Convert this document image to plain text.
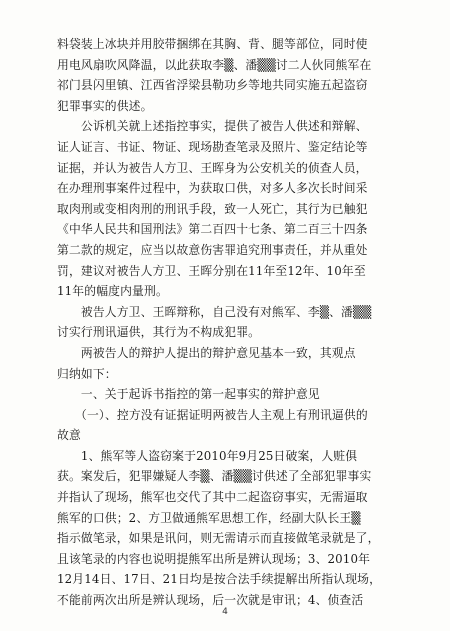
料袋装上冰块并用胶带捆绑在其胸、背、腿等部位，同时使
用电风扇吹风降温，以此获取李▒、潘▒▒讨二人伙同熊军在
祁门县闪里镇、江西省浮梁县勒功乡等地共同实施五起盗窃
犯罪事实的供述。
　　公诉机关就上述指控事实，提供了被告人供述和辩解、
证人证言、书证、物证、现场勘查笔录及照片、鉴定结论等
证据，并认为被告人方卫、王晖身为公安机关的侦查人员，
在办理刑事案件过程中，为获取口供，对多人多次长时间采
取肉刑或变相肉刑的刑讯手段，致一人死亡，其行为已触犯
《中华人民共和国刑法》第二百四十七条、第二百三十四条
第二款的规定，应当以故意伤害罪追究刑事责任，并从重处
罚，建议对被告人方卫、王晖分别在11年至12年、10年至
11年的幅度内量刑。
　　被告人方卫、王晖辩称，自己没有对熊军、李▒、潘▒▒
讨实行刑讯逼供，其行为不构成犯罪。
　　两被告人的辩护人提出的辩护意见基本一致，其观点
归纳如下：
　　一、关于起诉书指控的第一起事实的辩护意见
　　（一）、控方没有证据证明两被告人主观上有刑讯逼供的
故意
　　1、熊军等人盗窃案于2010年9月25日破案，人赃俱
获。案发后，犯罪嫌疑人李▒、潘▒▒讨供述了全部犯罪事实
并指认了现场，熊军也交代了其中二起盗窃事实，无需逼取
熊军的口供；2、方卫做通熊军思想工作，经副大队长王▒
指示做笔录，如果是讯问，则无需请示而直接做笔录就是了，
且该笔录的内容也说明提熊军出所是辨认现场；3、2010年
12月14日、17日、21日均是按合法手续提解出所指认现场，
不能前两次出所是辨认现场，后一次就是审讯；4、侦查活
4
